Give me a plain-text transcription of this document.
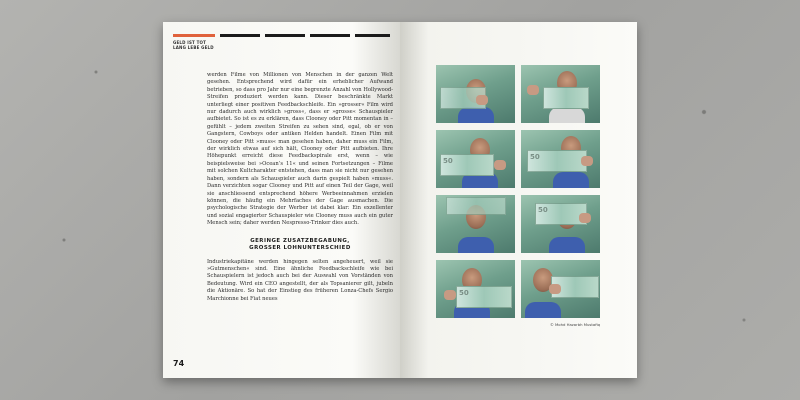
GELD IST TOT
LANG LEBE GELD

werden Filme von Millionen von Menschen in der ganzen Welt gesehen. Entsprechend wird dafür ein erheblicher Aufwand betrieben, so dass pro Jahr nur eine begrenzte Anzahl von Hollywood-Streifen produziert werden kann. Dieser beschränkte Markt unterliegt einer positiven Feedbackschleife. Ein »grosser« Film wird nur dadurch auch wirklich »gross«, dass er »grosse« Schauspieler aufbietet. So ist es zu erklären, dass Clooney oder Pitt momentan in – gefühlt – jedem zweiten Streifen zu sehen sind, egal, ob er von Gangstern, Cowboys oder antiken Helden handelt. Einen Film mit Clooney oder Pitt »muss« man gesehen haben, daher muss ein Film, der wirklich etwas auf sich hält, Clooney oder Pitt aufbieten. Ihre Höhepunkt erreicht diese Feedbackspirale erst, wenn – wie beispielsweise bei »Ocean’s 11« und seinen Fortsetzungen – Filme mit solchen Kultcharakter entstehen, dass man sie nicht nur gesehen haben, sondern als Schauspieler auch darin gespielt haben »muss«. Dann verzichten sogar Clooney und Pitt auf einen Teil der Gage, weil sie anschliessend entsprechend höhere Werbeeinnahmen erzielen können, die häufig ein Mehrfaches der Gage ausmachen. Die psychologische Strategie der Werber ist dabei klar: Ein exzellenter und sozial engagierter Schauspieler wie Clooney muss auch ein guter Mensch sein; daher werden Nespresso-Trinker dies auch.

GERINGE ZUSATZBEGABUNG,
GROSSER LOHNUNTERSCHIED

Industriekapitäne werden hingegen selten angeheuert, weil sie »Gutmenschen« sind. Eine ähnliche Feedbackschleife wie bei Schauspielern ist jedoch auch bei der Auswahl von Vorständen von Bedeutung. Wird ein CEO angestellt, der als Topsanierer gilt, jubeln die Aktionäre. So hat der Einstieg des früheren Lonza-Chefs Sergio Marchionne bei Fiat neues

74
50	50
50
50
© Mohd Hazarbh Mustafiq
